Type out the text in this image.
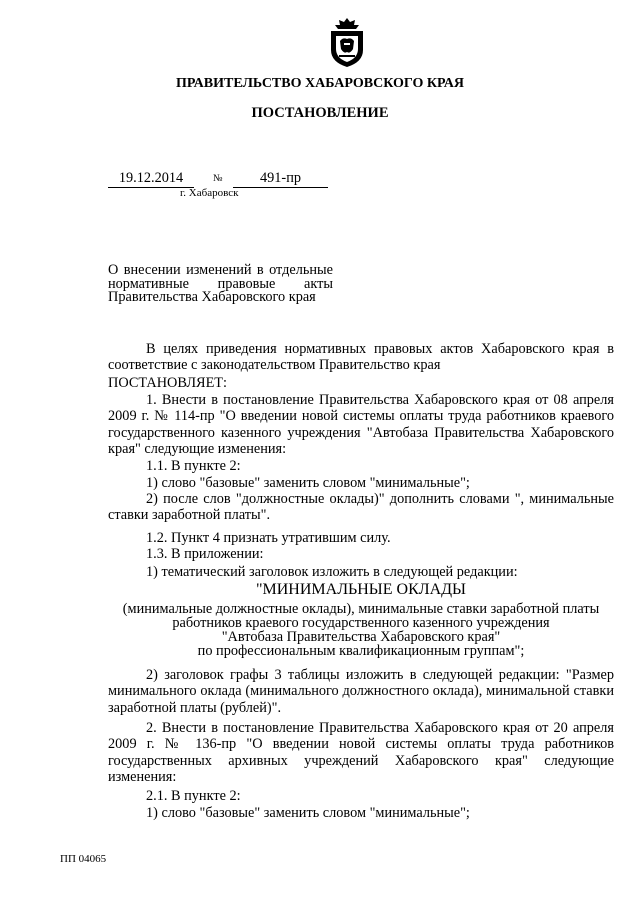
ПРАВИТЕЛЬСТВО ХАБАРОВСКОГО КРАЯ
ПОСТАНОВЛЕНИЕ
19.12.2014	№	491-пр
г. Хабаровск
О внесении изменений в отдельные нормативные правовые акты Правительства Хабаровского края
В целях приведения нормативных правовых актов Хабаровского края в соответствие с законодательством Правительство края
ПОСТАНОВЛЯЕТ:
1. Внести в постановление Правительства Хабаровского края от 08 апреля 2009 г. № 114-пр "О введении новой системы оплаты труда работников краевого государственного казенного учреждения "Автобаза Правительства Хабаровского края" следующие изменения:
1.1. В пункте 2:
1) слово "базовые" заменить словом "минимальные";
2) после слов "должностные оклады)" дополнить словами ", минимальные ставки заработной платы".
1.2. Пункт 4 признать утратившим силу.
1.3. В приложении:
1) тематический заголовок изложить в следующей редакции:
"МИНИМАЛЬНЫЕ ОКЛАДЫ
(минимальные должностные оклады), минимальные ставки заработной платы
работников краевого государственного казенного учреждения
"Автобаза Правительства Хабаровского края"
по профессиональным квалификационным группам";
2) заголовок графы 3 таблицы изложить в следующей редакции: "Размер минимального оклада (минимального должностного оклада), минимальной ставки заработной платы (рублей)".
2. Внести в постановление Правительства Хабаровского края от 20 апреля 2009 г. № 136-пр "О введении новой системы оплаты труда работников государственных архивных учреждений Хабаровского края" следующие изменения:
2.1. В пункте 2:
1) слово "базовые" заменить словом "минимальные";
ПП 04065
